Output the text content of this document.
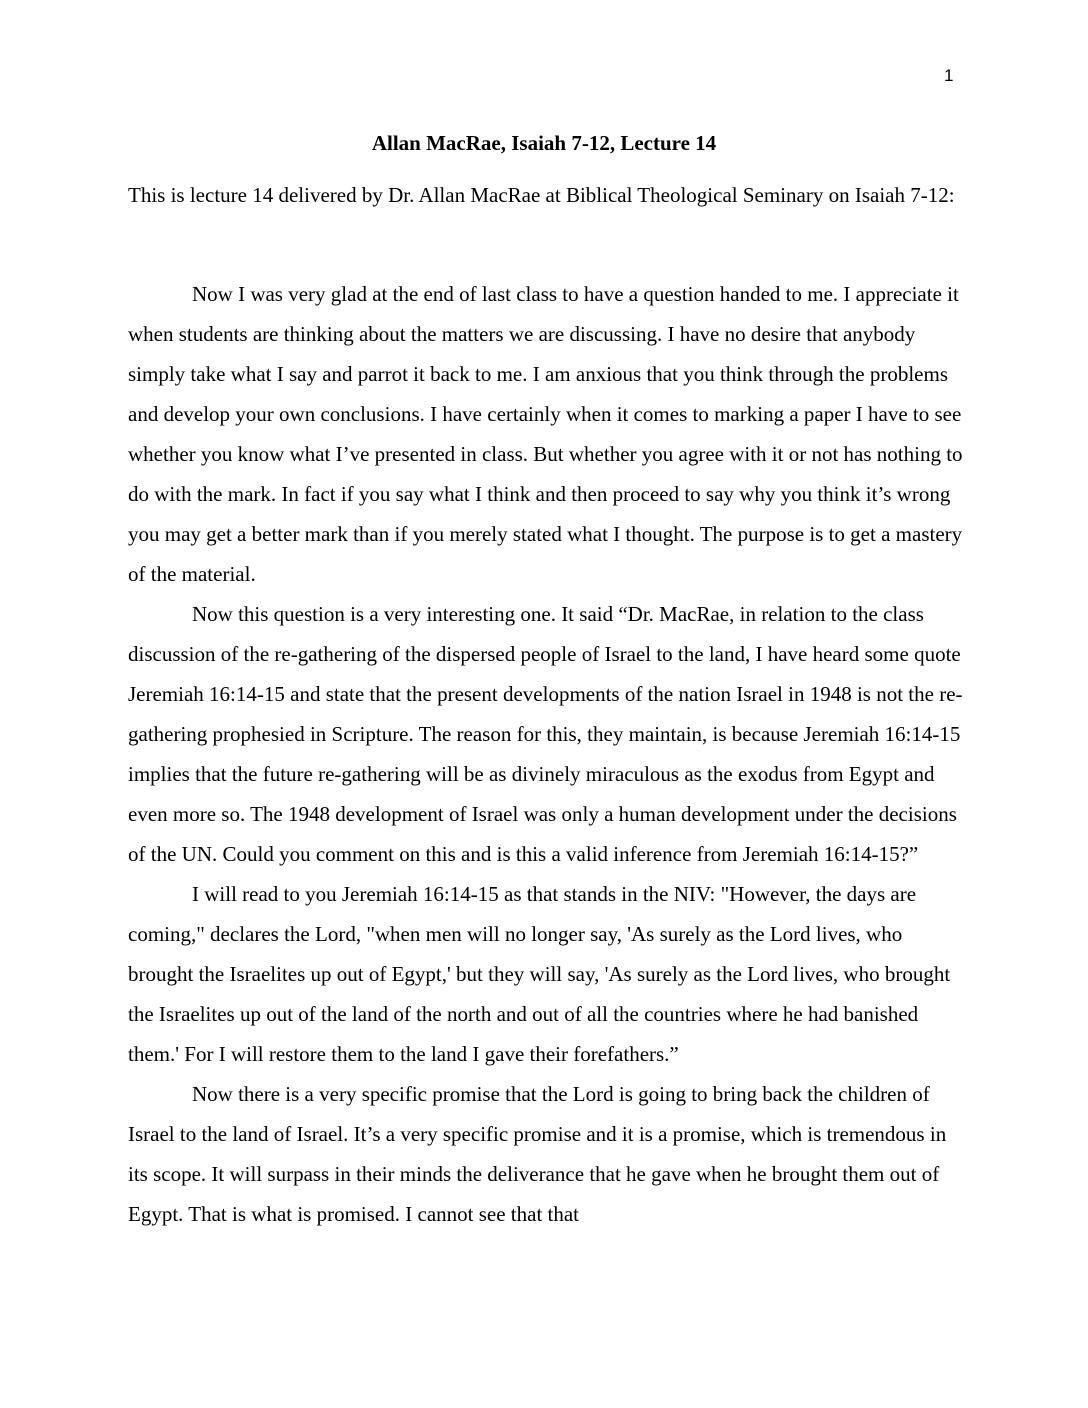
1
Allan MacRae, Isaiah 7-12, Lecture 14

This is lecture 14 delivered by Dr. Allan MacRae at Biblical Theological Seminary on Isaiah 7-12:

Now I was very glad at the end of last class to have a question handed to me. I appreciate it when students are thinking about the matters we are discussing. I have no desire that anybody simply take what I say and parrot it back to me. I am anxious that you think through the problems and develop your own conclusions. I have certainly when it comes to marking a paper I have to see whether you know what I’ve presented in class. But whether you agree with it or not has nothing to do with the mark. In fact if you say what I think and then proceed to say why you think it’s wrong you may get a better mark than if you merely stated what I thought. The purpose is to get a mastery of the material.

Now this question is a very interesting one. It said “Dr. MacRae, in relation to the class discussion of the re-gathering of the dispersed people of Israel to the land, I have heard some quote Jeremiah 16:14-15 and state that the present developments of the nation Israel in 1948 is not the re-gathering prophesied in Scripture. The reason for this, they maintain, is because Jeremiah 16:14-15 implies that the future re-gathering will be as divinely miraculous as the exodus from Egypt and even more so. The 1948 development of Israel was only a human development under the decisions of the UN. Could you comment on this and is this a valid inference from Jeremiah 16:14-15?”

I will read to you Jeremiah 16:14-15 as that stands in the NIV: "However, the days are coming," declares the Lord, "when men will no longer say, 'As surely as the Lord lives, who brought the Israelites up out of Egypt,' but they will say, 'As surely as the Lord lives, who brought the Israelites up out of the land of the north and out of all the countries where he had banished them.' For I will restore them to the land I gave their forefathers.”

Now there is a very specific promise that the Lord is going to bring back the children of Israel to the land of Israel. It’s a very specific promise and it is a promise, which is tremendous in its scope. It will surpass in their minds the deliverance that he gave when he brought them out of Egypt. That is what is promised. I cannot see that that
